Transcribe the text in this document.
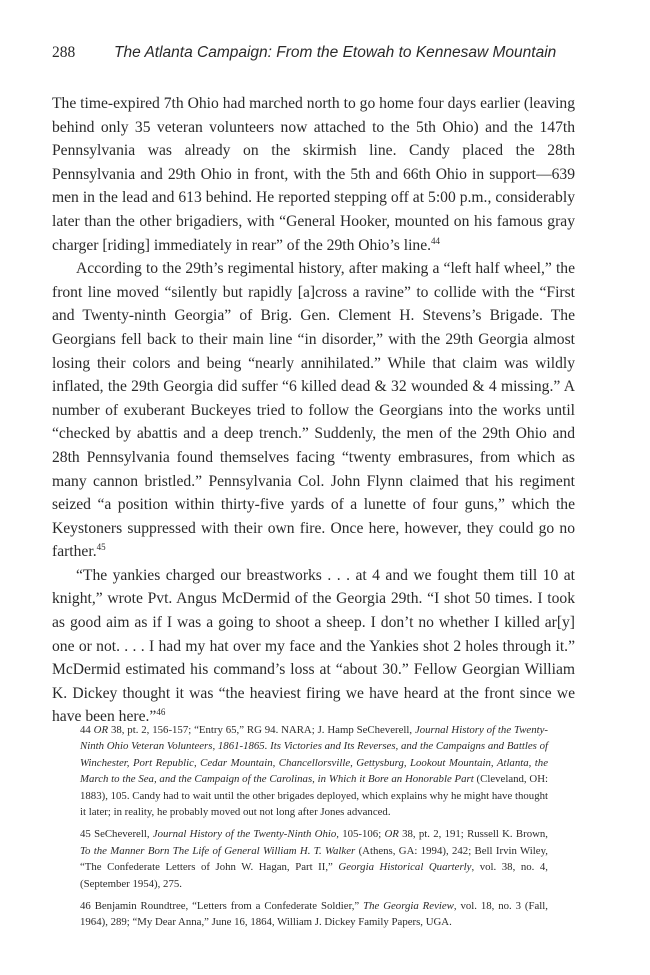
288	The Atlanta Campaign: From the Etowah to Kennesaw Mountain

The time-expired 7th Ohio had marched north to go home four days earlier (leaving behind only 35 veteran volunteers now attached to the 5th Ohio) and the 147th Pennsylvania was already on the skirmish line. Candy placed the 28th Pennsylvania and 29th Ohio in front, with the 5th and 66th Ohio in support—639 men in the lead and 613 behind. He reported stepping off at 5:00 p.m., considerably later than the other brigadiers, with “General Hooker, mounted on his famous gray charger [riding] immediately in rear” of the 29th Ohio’s line.$^{44}$

According to the 29th’s regimental history, after making a “left half wheel,” the front line moved “silently but rapidly [a]cross a ravine” to collide with the “First and Twenty-ninth Georgia” of Brig. Gen. Clement H. Stevens’s Brigade. The Georgians fell back to their main line “in disorder,” with the 29th Georgia almost losing their colors and being “nearly annihilated.” While that claim was wildly inflated, the 29th Georgia did suffer “6 killed dead & 32 wounded & 4 missing.” A number of exuberant Buckeyes tried to follow the Georgians into the works until “checked by abattis and a deep trench.” Suddenly, the men of the 29th Ohio and 28th Pennsylvania found themselves facing “twenty embrasures, from which as many cannon bristled.” Pennsylvania Col. John Flynn claimed that his regiment seized “a position within thirty-five yards of a lunette of four guns,” which the Keystoners suppressed with their own fire. Once here, however, they could go no farther.$^{45}$

“The yankies charged our breastworks . . . at 4 and we fought them till 10 at knight,” wrote Pvt. Angus McDermid of the Georgia 29th. “I shot 50 times. I took as good aim as if I was a going to shoot a sheep. I don’t no whether I killed ar[y] one or not. . . . I had my hat over my face and the Yankies shot 2 holes through it.” McDermid estimated his command’s loss at “about 30.” Fellow Georgian William K. Dickey thought it was “the heaviest firing we have heard at the front since we have been here.”$^{46}$

44 OR 38, pt. 2, 156-157; “Entry 65,” RG 94. NARA; J. Hamp SeCheverell, Journal History of the Twenty-Ninth Ohio Veteran Volunteers, 1861-1865. Its Victories and Its Reverses, and the Campaigns and Battles of Winchester, Port Republic, Cedar Mountain, Chancellorsville, Gettysburg, Lookout Mountain, Atlanta, the March to the Sea, and the Campaign of the Carolinas, in Which it Bore an Honorable Part (Cleveland, OH: 1883), 105. Candy had to wait until the other brigades deployed, which explains why he might have thought it later; in reality, he probably moved out not long after Jones advanced.

45 SeCheverell, Journal History of the Twenty-Ninth Ohio, 105-106; OR 38, pt. 2, 191; Russell K. Brown, To the Manner Born The Life of General William H. T. Walker (Athens, GA: 1994), 242; Bell Irvin Wiley, “The Confederate Letters of John W. Hagan, Part II,” Georgia Historical Quarterly, vol. 38, no. 4, (September 1954), 275.

46 Benjamin Roundtree, “Letters from a Confederate Soldier,” The Georgia Review, vol. 18, no. 3 (Fall, 1964), 289; “My Dear Anna,” June 16, 1864, William J. Dickey Family Papers, UGA.
